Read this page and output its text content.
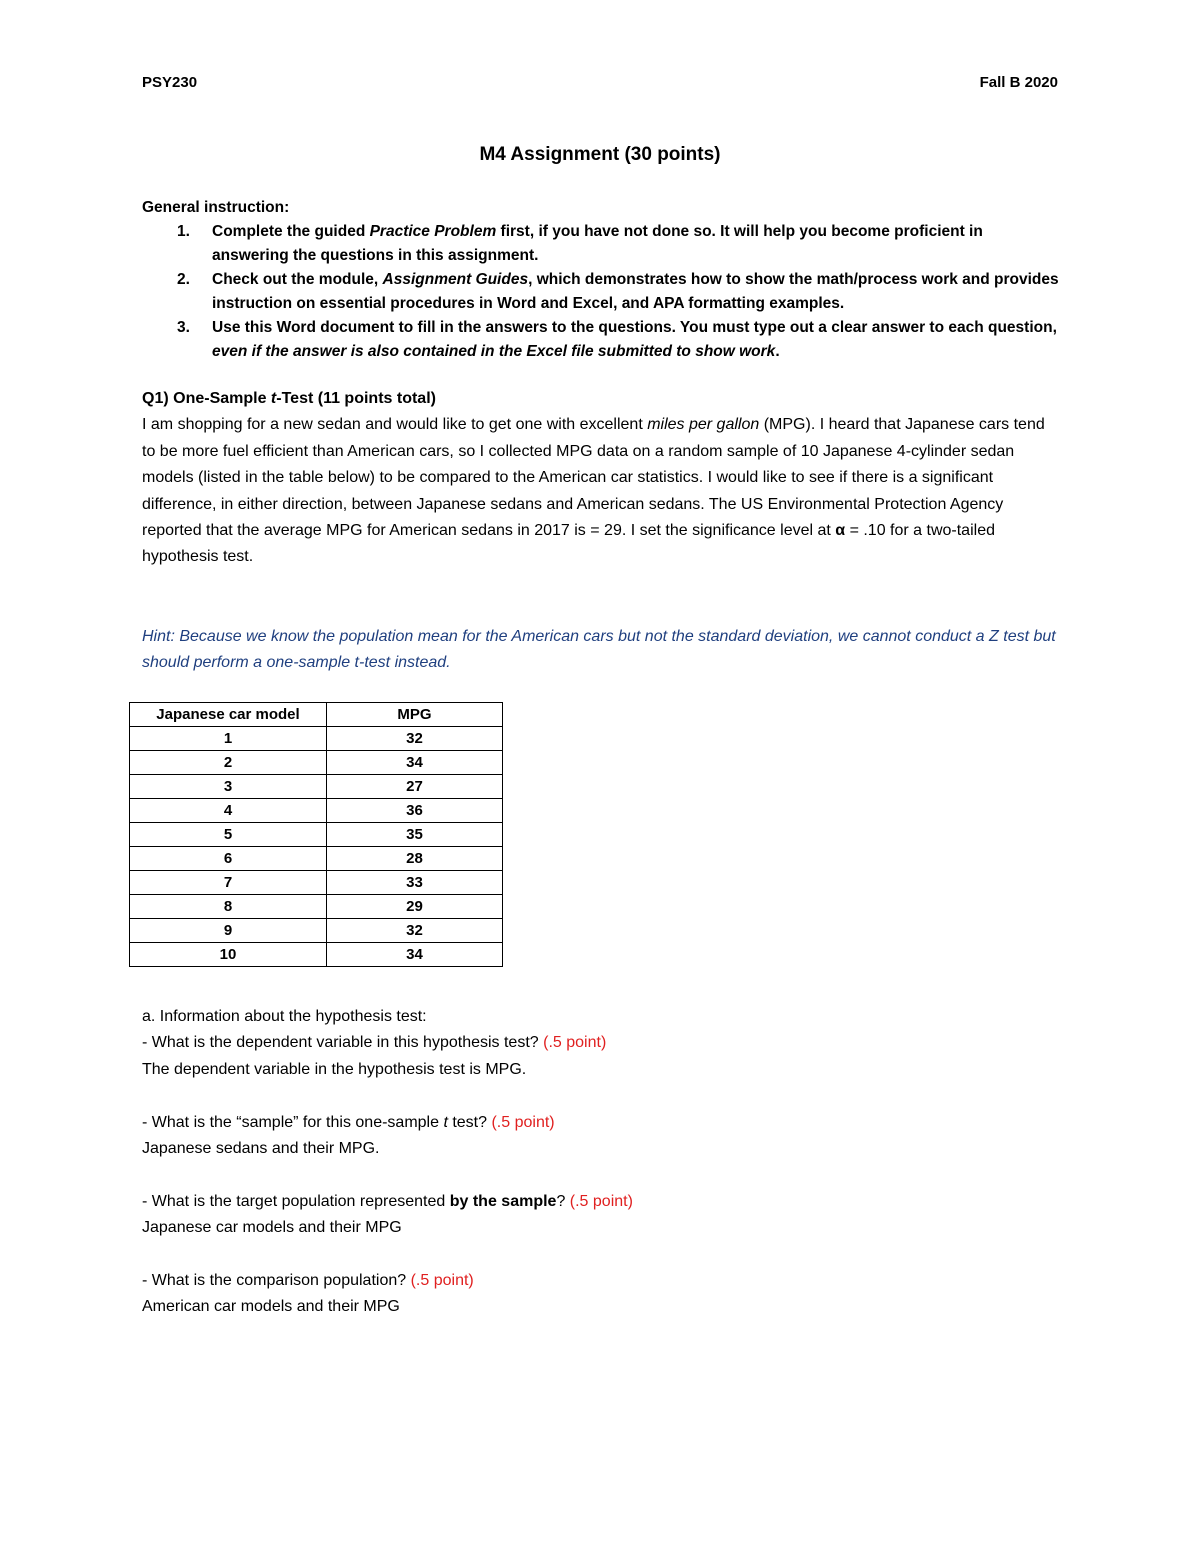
PSY230	Fall B 2020
M4 Assignment (30 points)
General instruction:
1. Complete the guided Practice Problem first, if you have not done so. It will help you become proficient in answering the questions in this assignment.
2. Check out the module, Assignment Guides, which demonstrates how to show the math/process work and provides instruction on essential procedures in Word and Excel, and APA formatting examples.
3. Use this Word document to fill in the answers to the questions. You must type out a clear answer to each question, even if the answer is also contained in the Excel file submitted to show work.
Q1) One-Sample t-Test (11 points total)
I am shopping for a new sedan and would like to get one with excellent miles per gallon (MPG). I heard that Japanese cars tend to be more fuel efficient than American cars, so I collected MPG data on a random sample of 10 Japanese 4-cylinder sedan models (listed in the table below) to be compared to the American car statistics. I would like to see if there is a significant difference, in either direction, between Japanese sedans and American sedans. The US Environmental Protection Agency reported that the average MPG for American sedans in 2017 is = 29. I set the significance level at α = .10 for a two-tailed hypothesis test.
Hint: Because we know the population mean for the American cars but not the standard deviation, we cannot conduct a Z test but should perform a one-sample t-test instead.
Japanese car model	MPG
1	32
2	34
3	27
4	36
5	35
6	28
7	33
8	29
9	32
10	34
a. Information about the hypothesis test:
- What is the dependent variable in this hypothesis test? (.5 point)
The dependent variable in the hypothesis test is MPG.
- What is the “sample” for this one-sample t test? (.5 point)
Japanese sedans and their MPG.
- What is the target population represented by the sample? (.5 point)
Japanese car models and their MPG
- What is the comparison population? (.5 point)
American car models and their MPG
